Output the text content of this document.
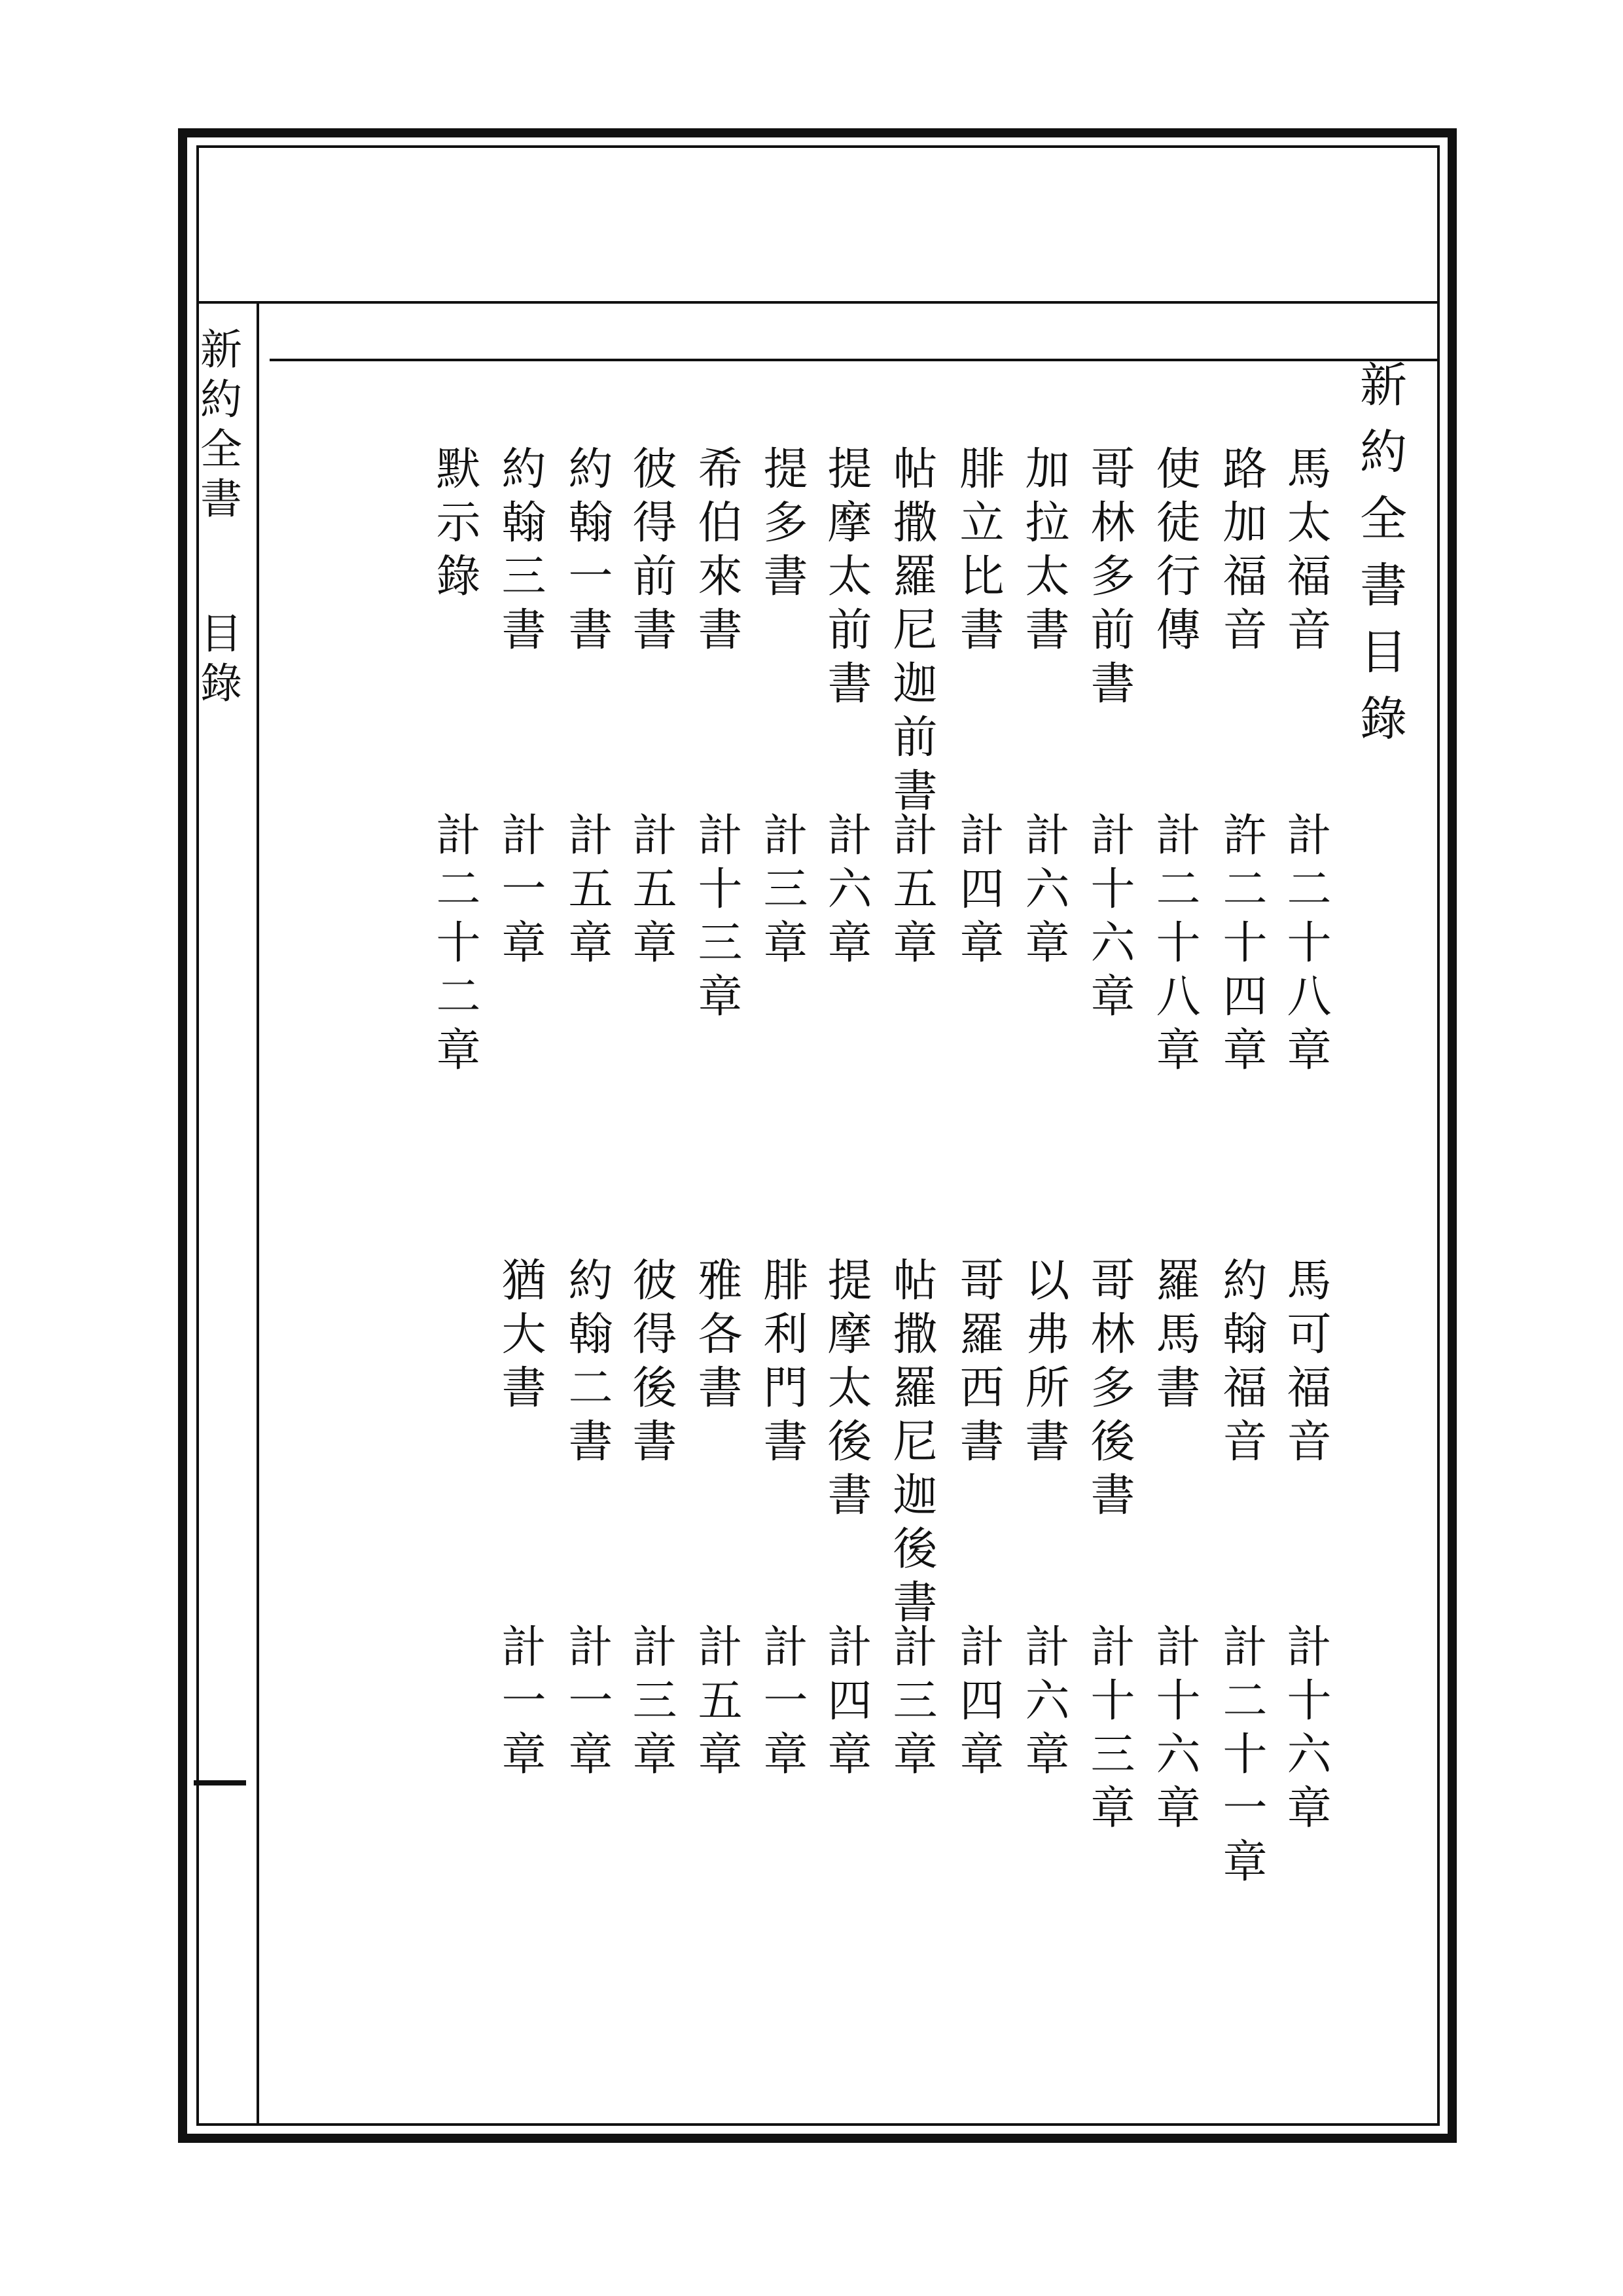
新約全書目錄	新約全書目錄
馬太福音
計二十八章
路加福音
許二十四章
使徒行傳
計二十八章
哥林多前書
計十六章
加拉太書
計六章
腓立比書
計四章
帖撒羅尼迦前書
計五章
提摩太前書
計六章
提多書
計三章
希伯來書
計十三章
彼得前書
計五章
約翰一書
計五章
約翰三書
計一章
默示錄
計二十二章
馬可福音
計十六章
約翰福音
計二十一章
羅馬書
計十六章
哥林多後書
計十三章
以弗所書
計六章
哥羅西書
計四章
帖撒羅尼迦後書
計三章
提摩太後書
計四章
腓利門書
計一章
雅各書
計五章
彼得後書
計三章
約翰二書
計一章
猶大書
計一章
